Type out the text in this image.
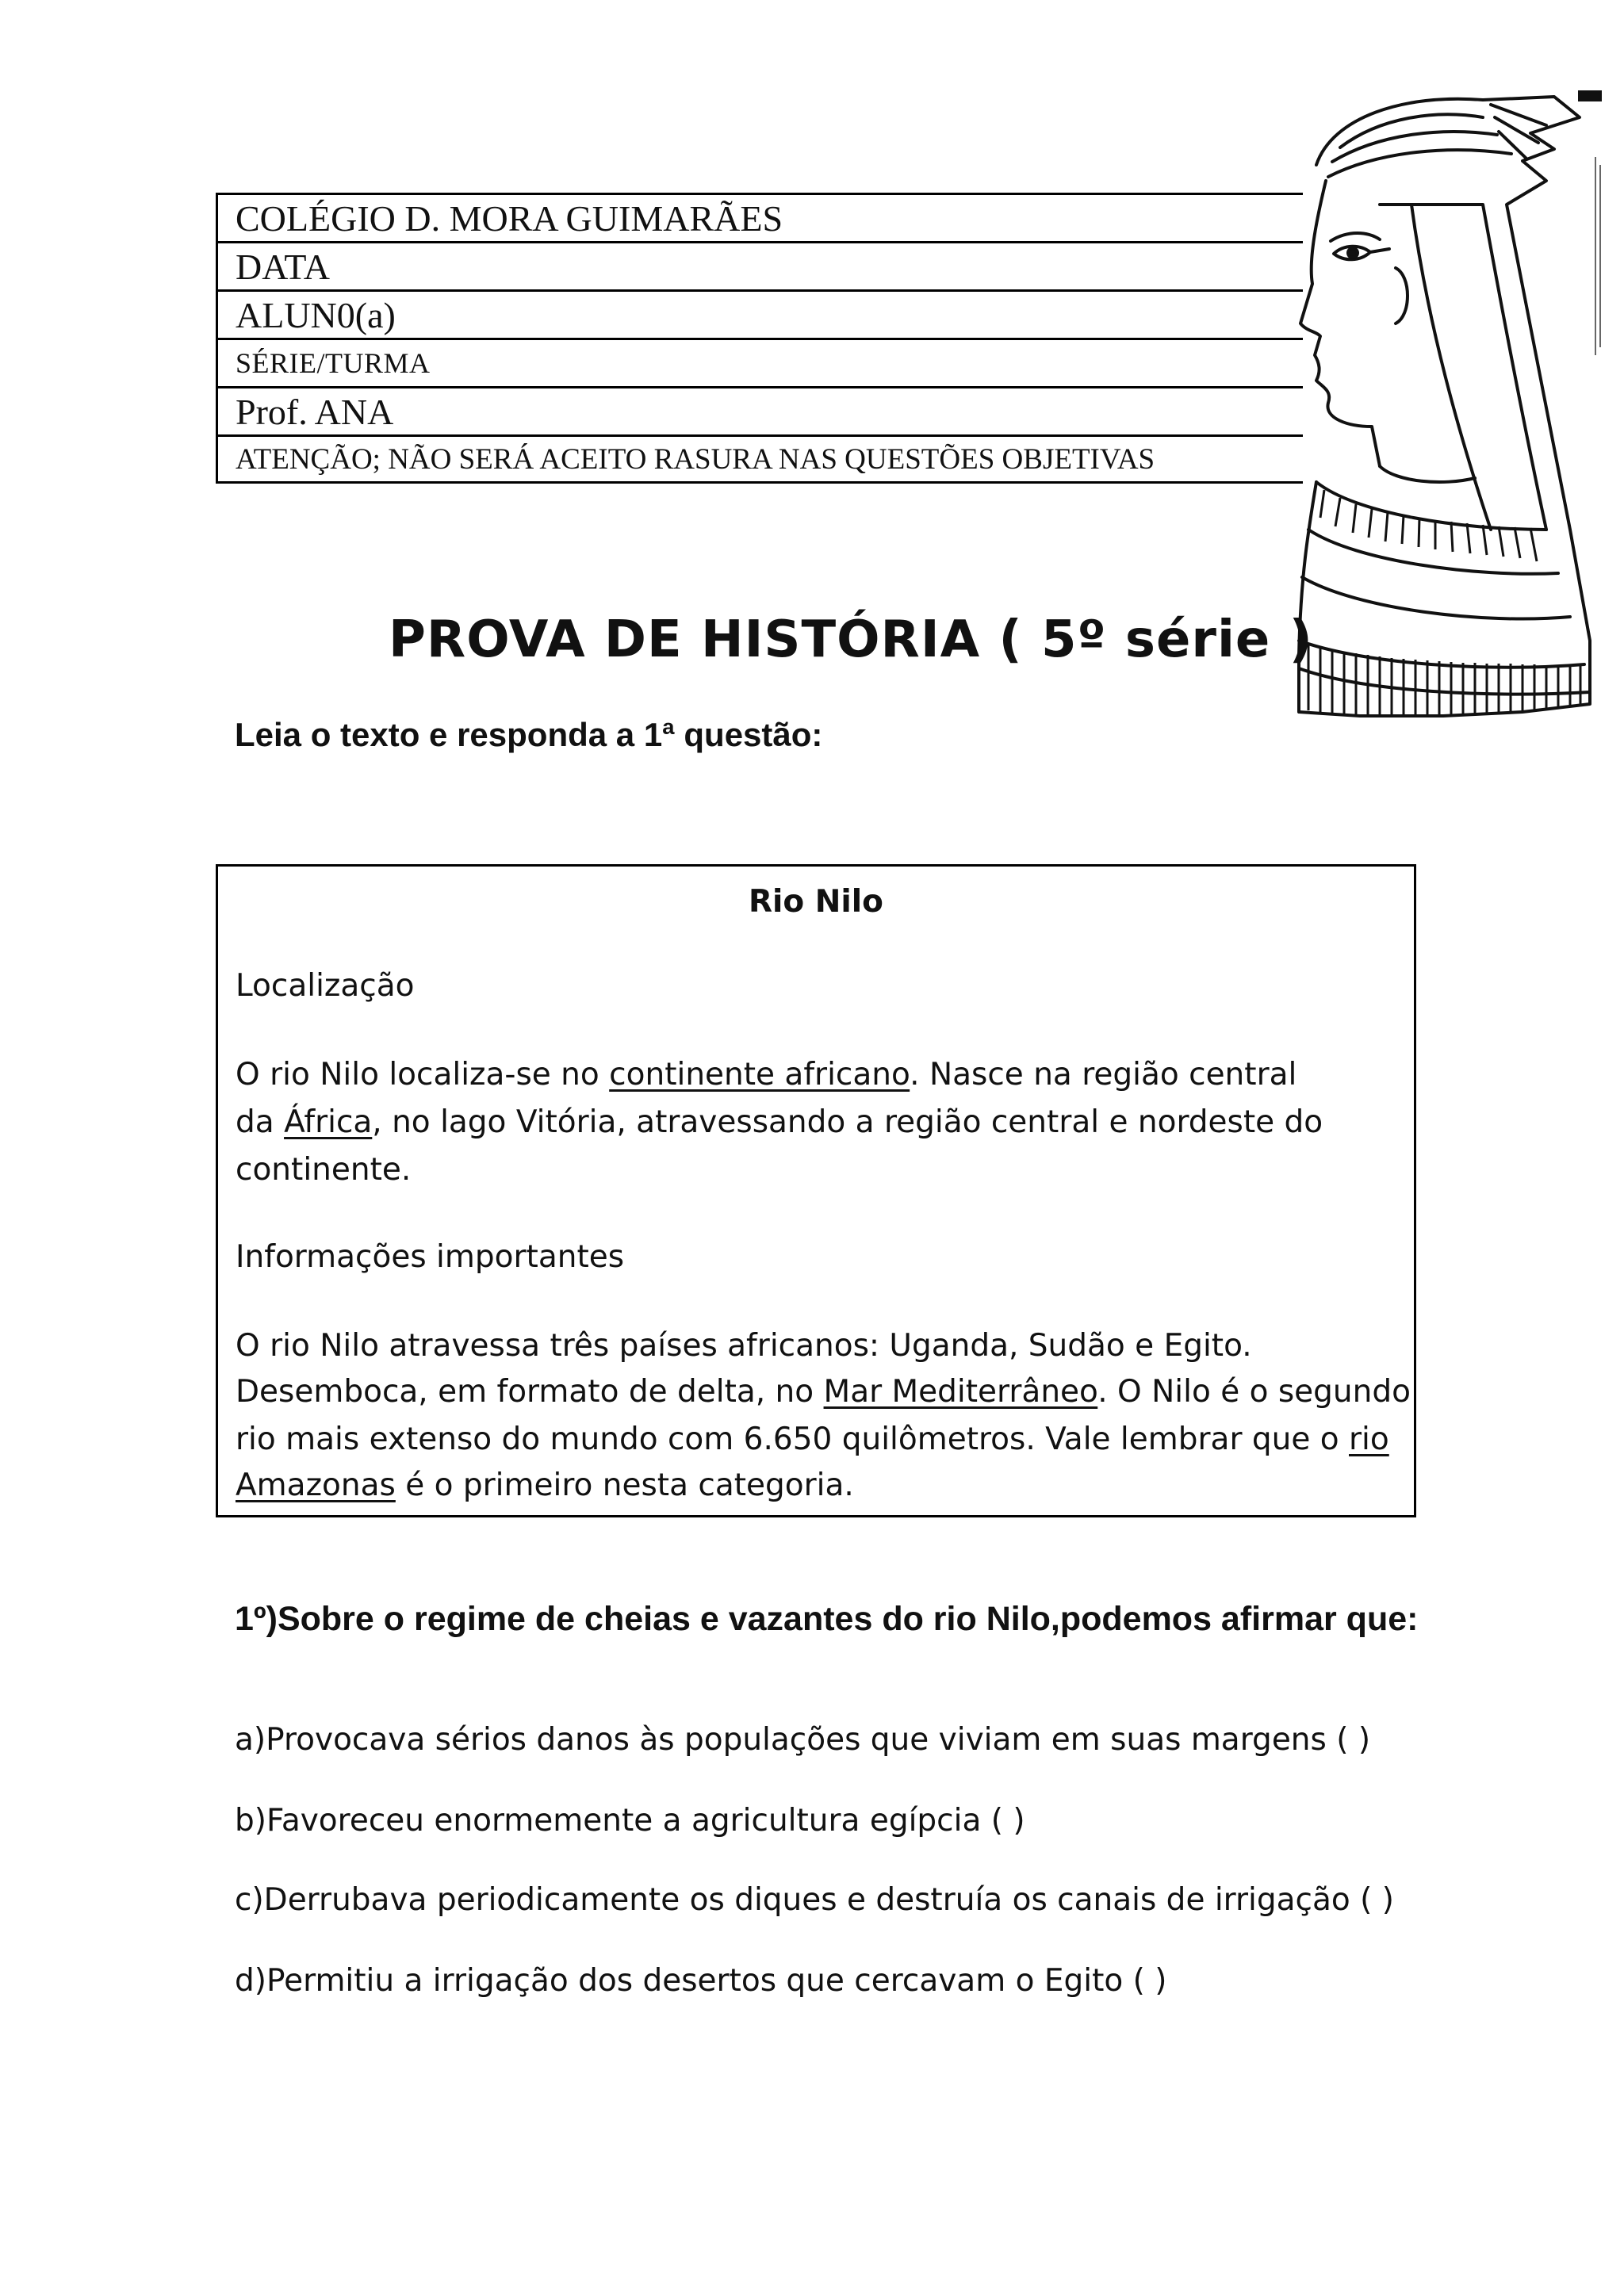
COLÉGIO D. MORA GUIMARÃES
DATA
ALUN0(a)
SÉRIE/TURMA
Prof. ANA
ATENÇÃO; NÃO SERÁ ACEITO RASURA NAS QUESTÕES OBJETIVAS
PROVA DE HISTÓRIA ( 5º série )
Leia o texto e responda a 1ª questão:
Rio Nilo
Localização
O rio Nilo localiza-se no continente africano. Nasce na região central
da África, no lago Vitória, atravessando a região central e nordeste do
continente.
Informações importantes
O rio Nilo atravessa três países africanos: Uganda, Sudão e Egito.
Desemboca, em formato de delta, no Mar Mediterrâneo. O Nilo é o segundo
rio mais extenso do mundo com 6.650 quilômetros. Vale lembrar que o rio
Amazonas é o primeiro nesta categoria.
1º)Sobre o regime de cheias e vazantes do rio Nilo,podemos afirmar que:
a)Provocava sérios danos às populações que viviam em suas margens ( )
b)Favoreceu enormemente a agricultura egípcia ( )
c)Derrubava periodicamente os diques e destruía os canais de irrigação ( )
d)Permitiu a irrigação dos desertos que cercavam o Egito ( )
